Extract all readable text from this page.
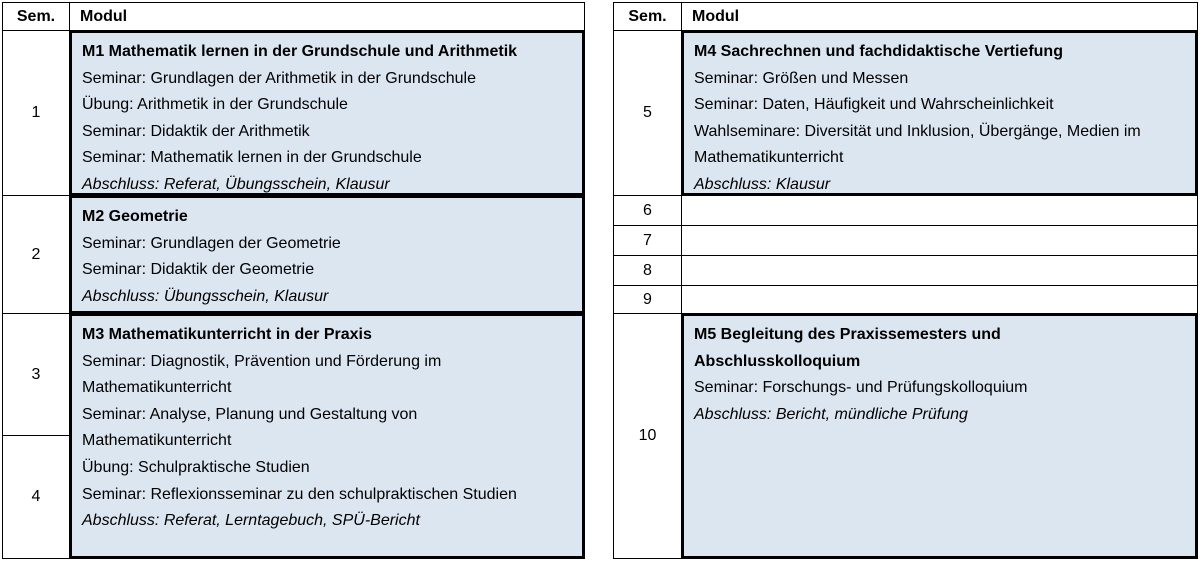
Sem.	Modul
1
2
3
4
M1 Mathematik lernen in der Grundschule und Arithmetik
Seminar: Grundlagen der Arithmetik in der Grundschule
Übung: Arithmetik in der Grundschule
Seminar: Didaktik der Arithmetik
Seminar: Mathematik lernen in der Grundschule
Abschluss: Referat, Übungsschein, Klausur
M2 Geometrie
Seminar: Grundlagen der Geometrie
Seminar: Didaktik der Geometrie
Abschluss: Übungsschein, Klausur
M3 Mathematikunterricht in der Praxis
Seminar: Diagnostik, Prävention und Förderung im
Mathematikunterricht
Seminar: Analyse, Planung und Gestaltung von
Mathematikunterricht
Übung: Schulpraktische Studien
Seminar: Reflexionsseminar zu den schulpraktischen Studien
Abschluss: Referat, Lerntagebuch, SPÜ-Bericht
Sem.	Modul
5
6
7
8
9
10
M4 Sachrechnen und fachdidaktische Vertiefung
Seminar: Größen und Messen
Seminar: Daten, Häufigkeit und Wahrscheinlichkeit
Wahlseminare: Diversität und Inklusion, Übergänge, Medien im
Mathematikunterricht
Abschluss: Klausur
M5 Begleitung des Praxissemesters und
Abschlusskolloquium
Seminar: Forschungs- und Prüfungskolloquium
Abschluss: Bericht, mündliche Prüfung
